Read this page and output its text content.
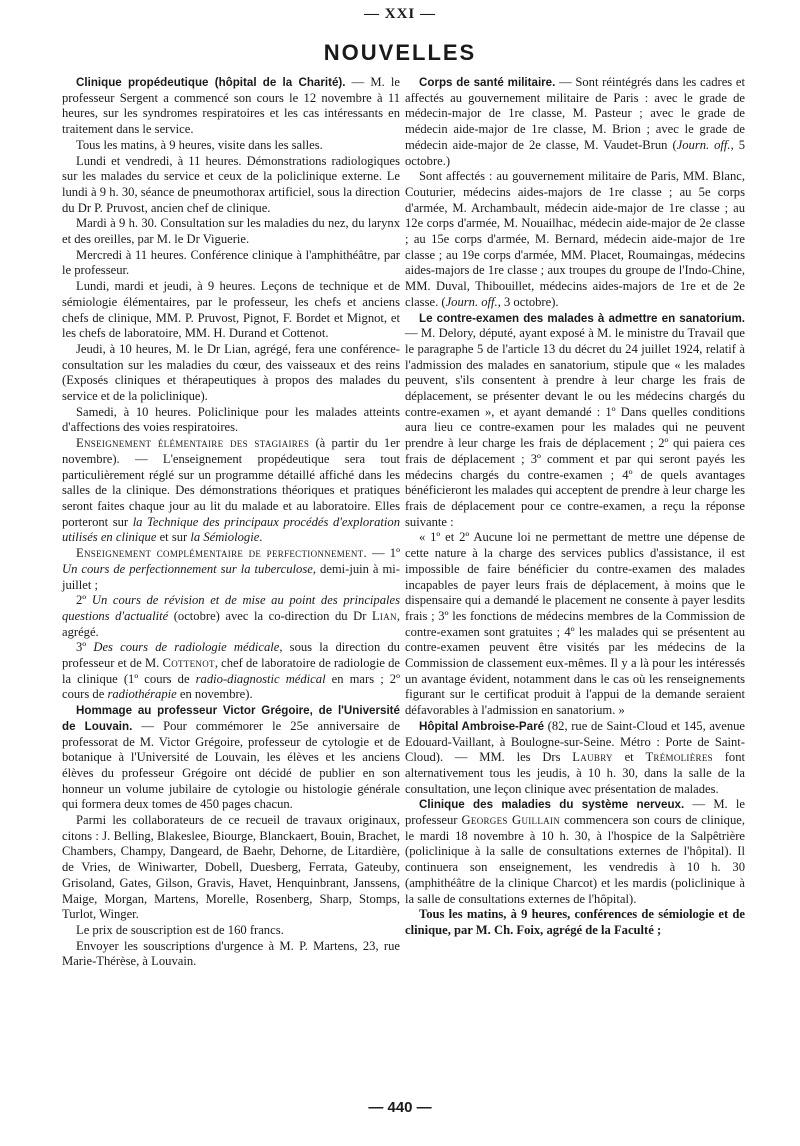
— XXI —
NOUVELLES

Clinique propédeutique (hôpital de la Charité). — M. le professeur Sergent a commencé son cours le 12 novembre à 11 heures, sur les syndromes respiratoires et les cas intéressants en traitement dans le service.

Tous les matins, à 9 heures, visite dans les salles.

Lundi et vendredi, à 11 heures. Démonstrations radiologiques sur les malades du service et ceux de la policlinique externe. Le lundi à 9 h. 30, séance de pneumothorax artificiel, sous la direction du Dr P. Pruvost, ancien chef de clinique.

Mardi à 9 h. 30. Consultation sur les maladies du nez, du larynx et des oreilles, par M. le Dr Viguerie.

Mercredi à 11 heures. Conférence clinique à l'amphithéâtre, par le professeur.

Lundi, mardi et jeudi, à 9 heures. Leçons de technique et de sémiologie élémentaires, par le professeur, les chefs et anciens chefs de clinique, MM. P. Pruvost, Pignot, F. Bordet et Mignot, et les chefs de laboratoire, MM. H. Durand et Cottenot.

Jeudi, à 10 heures, M. le Dr Lian, agrégé, fera une conférence-consultation sur les maladies du cœur, des vaisseaux et des reins (Exposés cliniques et thérapeutiques à propos des malades du service et de la policlinique).

Samedi, à 10 heures. Policlinique pour les malades atteints d'affections des voies respiratoires.

Enseignement élémentaire des stagiaires (à partir du 1er novembre). — L'enseignement propédeutique sera tout particulièrement réglé sur un programme détaillé affiché dans les salles de la clinique. Des démonstrations théoriques et pratiques seront faites chaque jour au lit du malade et au laboratoire. Elles porteront sur la Technique des principaux procédés d'exploration utilisés en clinique et sur la Sémiologie.

Enseignement complémentaire de perfectionnement. — 1º Un cours de perfectionnement sur la tuberculose, demi-juin à mi-juillet ;

2º Un cours de révision et de mise au point des principales questions d'actualité (octobre) avec la co-direction du Dr Lian, agrégé.

3º Des cours de radiologie médicale, sous la direction du professeur et de M. Cottenot, chef de laboratoire de radiologie de la clinique (1º cours de radio-diagnostic médical en mars ; 2º cours de radiothérapie en novembre).

Hommage au professeur Victor Grégoire, de l'Université de Louvain. — Pour commémorer le 25e anniversaire de professorat de M. Victor Grégoire, professeur de cytologie et de botanique à l'Université de Louvain, les élèves et les anciens élèves du professeur Grégoire ont décidé de publier en son honneur un volume jubilaire de cytologie ou histologie générale qui formera deux tomes de 450 pages chacun.

Parmi les collaborateurs de ce recueil de travaux originaux, citons : J. Belling, Blakeslee, Biourge, Blanckaert, Bouin, Brachet, Chambers, Champy, Dangeard, de Baehr, Dehorne, de Litardière, de Vries, de Winiwarter, Dobell, Duesberg, Ferrata, Gateuby, Grisoland, Gates, Gilson, Gravis, Havet, Henquinbrant, Janssens, Maige, Morgan, Martens, Morelle, Rosenberg, Sharp, Stomps, Turlot, Winger.

Le prix de souscription est de 160 francs.

Envoyer les souscriptions d'urgence à M. P. Martens, 23, rue Marie-Thérèse, à Louvain.

Corps de santé militaire. — Sont réintégrés dans les cadres et affectés au gouvernement militaire de Paris : avec le grade de médecin-major de 1re classe, M. Pasteur ; avec le grade de médecin aide-major de 1re classe, M. Brion ; avec le grade de médecin aide-major de 2e classe, M. Vaudet-Brun (Journ. off., 5 octobre.)

Sont affectés : au gouvernement militaire de Paris, MM. Blanc, Couturier, médecins aides-majors de 1re classe ; au 5e corps d'armée, M. Archambault, médecin aide-major de 1re classe ; au 12e corps d'armée, M. Nouailhac, médecin aide-major de 2e classe ; au 15e corps d'armée, M. Bernard, médecin aide-major de 1re classe ; au 19e corps d'armée, MM. Placet, Roumaingas, médecins aides-majors de 1re classe ; aux troupes du groupe de l'Indo-Chine, MM. Duval, Thibouillet, médecins aides-majors de 1re et de 2e classe. (Journ. off., 3 octobre).

Le contre-examen des malades à admettre en sanatorium. — M. Delory, député, ayant exposé à M. le ministre du Travail que le paragraphe 5 de l'article 13 du décret du 24 juillet 1924, relatif à l'admission des malades en sanatorium, stipule que « les malades peuvent, s'ils consentent à prendre à leur charge les frais de déplacement, se présenter devant le ou les médecins chargés du contre-examen », et ayant demandé : 1º Dans quelles conditions aura lieu ce contre-examen pour les malades qui ne peuvent prendre à leur charge les frais de déplacement ; 2º qui paiera ces frais de déplacement ; 3º comment et par qui seront payés les médecins chargés du contre-examen ; 4º de quels avantages bénéficieront les malades qui acceptent de prendre à leur charge les frais de déplacement pour ce contre-examen, a reçu la réponse suivante :

« 1º et 2º Aucune loi ne permettant de mettre une dépense de cette nature à la charge des services publics d'assistance, il est impossible de faire bénéficier du contre-examen des malades incapables de payer leurs frais de déplacement, à moins que le dispensaire qui a demandé le placement ne consente à payer lesdits frais ; 3º les fonctions de médecins membres de la Commission de contre-examen sont gratuites ; 4º les malades qui se présentent au contre-examen peuvent être visités par les médecins de la Commission de classement eux-mêmes. Il y a là pour les intéressés un avantage évident, notamment dans le cas où les renseignements figurant sur le certificat produit à l'appui de la demande seraient défavorables à l'admission en sanatorium. »

Hôpital Ambroise-Paré (82, rue de Saint-Cloud et 145, avenue Edouard-Vaillant, à Boulogne-sur-Seine. Métro : Porte de Saint-Cloud). — MM. les Drs Laubry et Trémolières font alternativement tous les jeudis, à 10 h. 30, dans la salle de la consultation, une leçon clinique avec présentation de malades.

Clinique des maladies du système nerveux. — M. le professeur Georges Guillain commencera son cours de clinique, le mardi 18 novembre à 10 h. 30, à l'hospice de la Salpêtrière (policlinique à la salle de consultations externes de l'hôpital). Il continuera son enseignement, les vendredis à 10 h. 30 (amphithéâtre de la clinique Charcot) et les mardis (policlinique à la salle de consultations externes de l'hôpital).

Tous les matins, à 9 heures, conférences de sémiologie et de clinique, par M. Ch. Foix, agrégé de la Faculté ;

— 440 —
